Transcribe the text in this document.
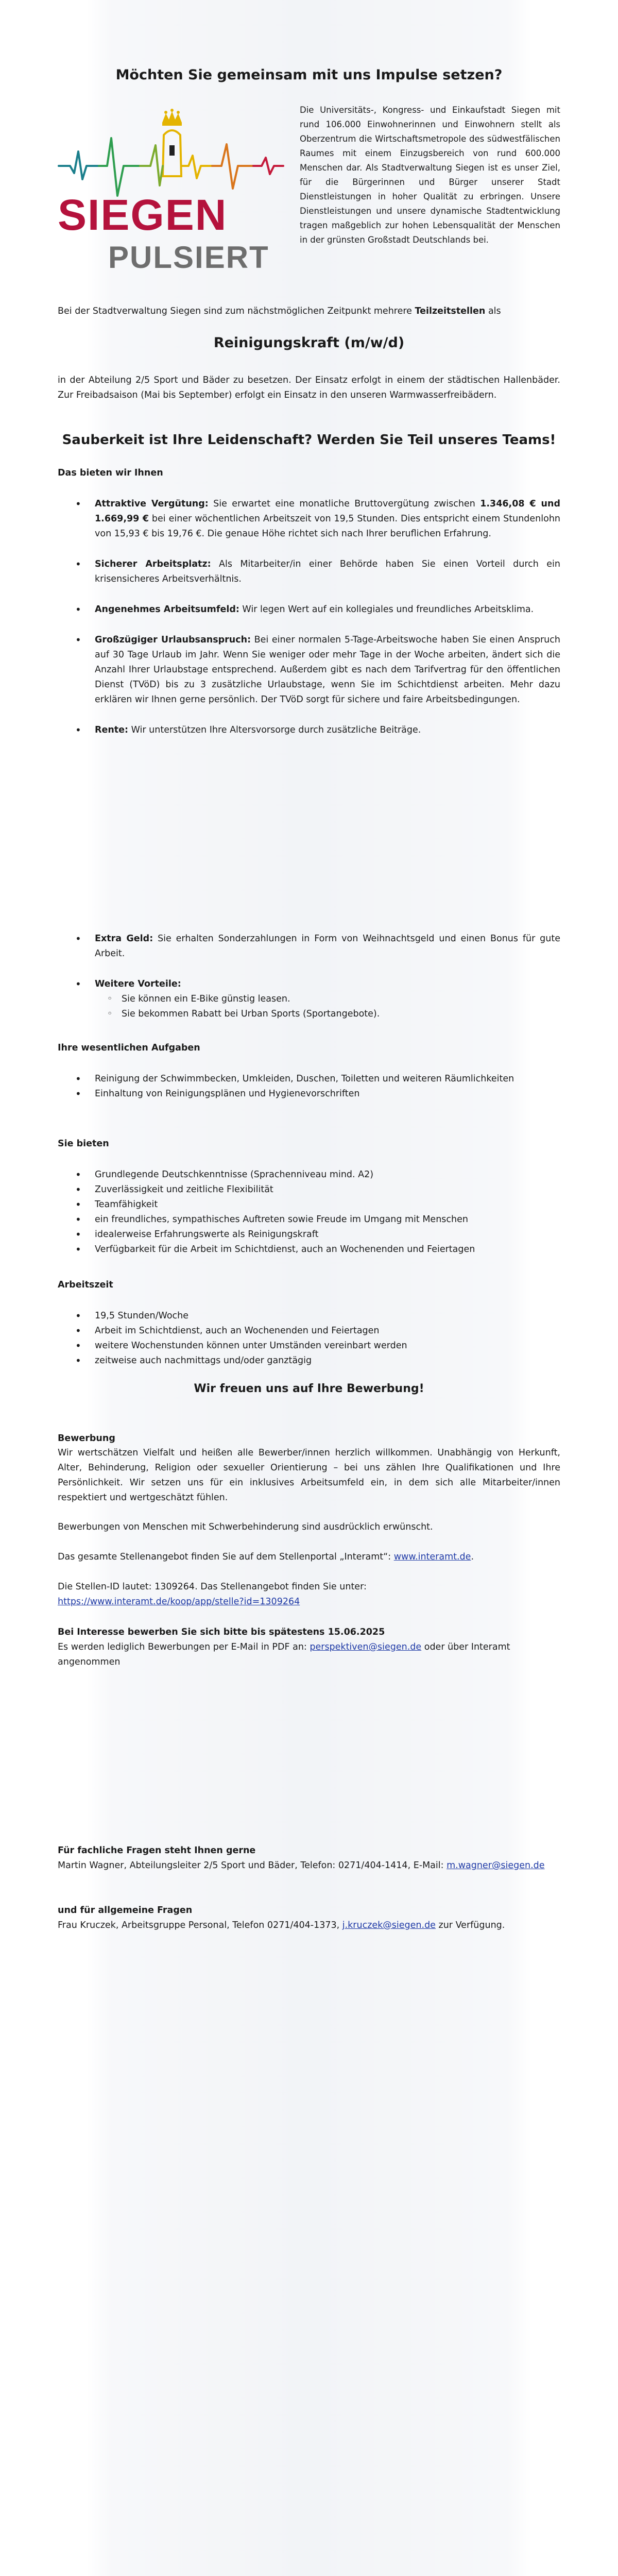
Möchten Sie gemeinsam mit uns Impulse setzen?
SIEGEN
PULSIERT

Die Universitäts-, Kongress- und Einkaufstadt Siegen mit rund 106.000 Einwohnerinnen und Einwohnern stellt als Oberzentrum die Wirtschaftsmetropole des südwestfälischen Raumes mit einem Einzugsbereich von rund 600.000 Menschen dar. Als Stadtverwaltung Siegen ist es unser Ziel, für die Bürgerinnen und Bürger unserer Stadt Dienstleistungen in hoher Qualität zu erbringen. Unsere Dienstleistungen und unsere dynamische Stadtentwicklung tragen maßgeblich zur hohen Lebensqualität der Menschen in der grünsten Großstadt Deutschlands bei.

Bei der Stadtverwaltung Siegen sind zum nächstmöglichen Zeitpunkt mehrere Teilzeitstellen als

Reinigungskraft (m/w/d)

in der Abteilung 2/5 Sport und Bäder zu besetzen. Der Einsatz erfolgt in einem der städtischen Hallenbäder. Zur Freibadsaison (Mai bis September) erfolgt ein Einsatz in den unseren Warmwasserfreibädern.

Sauberkeit ist Ihre Leidenschaft? Werden Sie Teil unseres Teams!
Das bieten wir Ihnen
• Attraktive Vergütung: Sie erwartet eine monatliche Bruttovergütung zwischen 1.346,08 € und 1.669,99 € bei einer wöchentlichen Arbeitszeit von 19,5 Stunden. Dies entspricht einem Stundenlohn von 15,93 € bis 19,76 €. Die genaue Höhe richtet sich nach Ihrer beruflichen Erfahrung.
• Sicherer Arbeitsplatz: Als Mitarbeiter/in einer Behörde haben Sie einen Vorteil durch ein krisensicheres Arbeitsverhältnis.
• Angenehmes Arbeitsumfeld: Wir legen Wert auf ein kollegiales und freundliches Arbeitsklima.
• Großzügiger Urlaubsanspruch: Bei einer normalen 5-Tage-Arbeitswoche haben Sie einen Anspruch auf 30 Tage Urlaub im Jahr. Wenn Sie weniger oder mehr Tage in der Woche arbeiten, ändert sich die Anzahl Ihrer Urlaubstage entsprechend. Außerdem gibt es nach dem Tarifvertrag für den öffentlichen Dienst (TVöD) bis zu 3 zusätzliche Urlaubstage, wenn Sie im Schichtdienst arbeiten. Mehr dazu erklären wir Ihnen gerne persönlich. Der TVöD sorgt für sichere und faire Arbeitsbedingungen.
• Rente: Wir unterstützen Ihre Altersvorsorge durch zusätzliche Beiträge.
• Extra Geld: Sie erhalten Sonderzahlungen in Form von Weihnachtsgeld und einen Bonus für gute Arbeit.
• Weitere Vorteile:
◦ Sie können ein E-Bike günstig leasen.
◦ Sie bekommen Rabatt bei Urban Sports (Sportangebote).
Ihre wesentlichen Aufgaben
• Reinigung der Schwimmbecken, Umkleiden, Duschen, Toiletten und weiteren Räumlichkeiten
• Einhaltung von Reinigungsplänen und Hygienevorschriften
Sie bieten
• Grundlegende Deutschkenntnisse (Sprachenniveau mind. A2)
• Zuverlässigkeit und zeitliche Flexibilität
• Teamfähigkeit
• ein freundliches, sympathisches Auftreten sowie Freude im Umgang mit Menschen
• idealerweise Erfahrungswerte als Reinigungskraft
• Verfügbarkeit für die Arbeit im Schichtdienst, auch an Wochenenden und Feiertagen
Arbeitszeit
• 19,5 Stunden/Woche
• Arbeit im Schichtdienst, auch an Wochenenden und Feiertagen
• weitere Wochenstunden können unter Umständen vereinbart werden
• zeitweise auch nachmittags und/oder ganztägig
Wir freuen uns auf Ihre Bewerbung!
Bewerbung

Wir wertschätzen Vielfalt und heißen alle Bewerber/innen herzlich willkommen. Unabhängig von Herkunft, Alter, Behinderung, Religion oder sexueller Orientierung – bei uns zählen Ihre Qualifikationen und Ihre Persönlichkeit. Wir setzen uns für ein inklusives Arbeitsumfeld ein, in dem sich alle Mitarbeiter/innen respektiert und wertgeschätzt fühlen.

Bewerbungen von Menschen mit Schwerbehinderung sind ausdrücklich erwünscht.

Das gesamte Stellenangebot finden Sie auf dem Stellenportal „Interamt“: www.interamt.de.

Die Stellen-ID lautet: 1309264. Das Stellenangebot finden Sie unter:

https://www.interamt.de/koop/app/stelle?id=1309264

Bei Interesse bewerben Sie sich bitte bis spätestens 15.06.2025

Es werden lediglich Bewerbungen per E-Mail in PDF an: perspektiven@siegen.de oder über Interamt angenommen

Für fachliche Fragen steht Ihnen gerne

Martin Wagner, Abteilungsleiter 2/5 Sport und Bäder, Telefon: 0271/404-1414, E-Mail: m.wagner@siegen.de

und für allgemeine Fragen

Frau Kruczek, Arbeitsgruppe Personal, Telefon 0271/404-1373, j.kruczek@siegen.de zur Verfügung.
